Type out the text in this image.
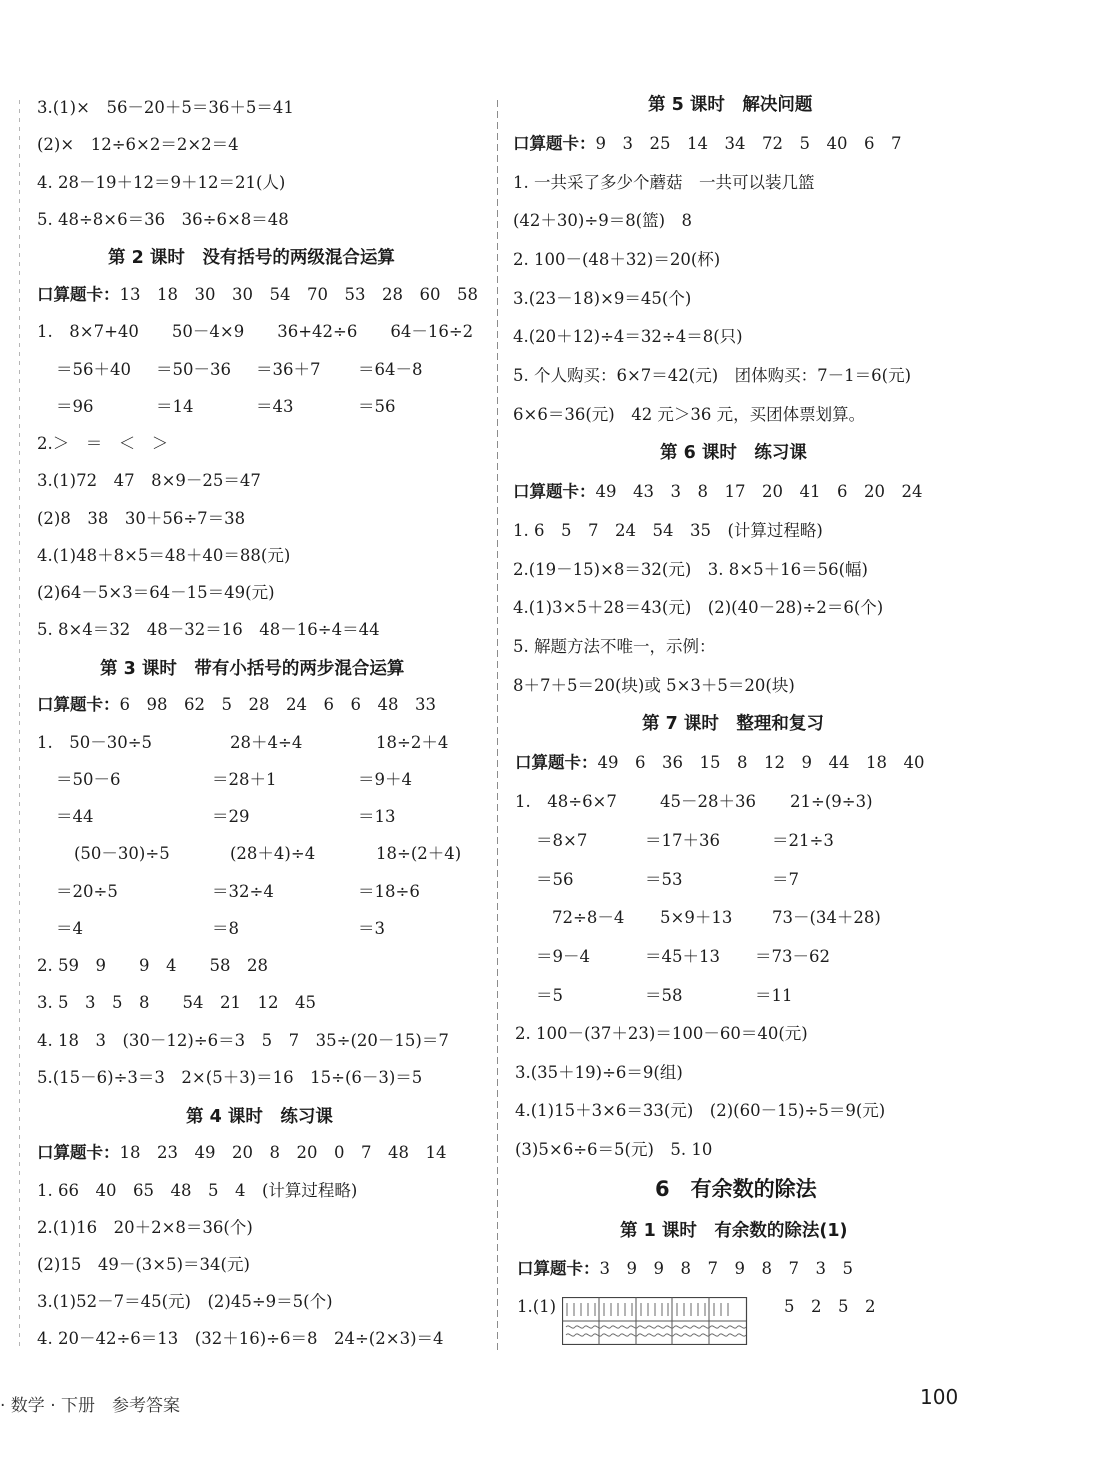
3.(1)×　56－20＋5＝36＋5＝41
(2)×　12÷6×2＝2×2＝4
4. 28－19＋12＝9＋12＝21(人)
5. 48÷8×6＝36　36÷6×8＝48
1.　8×7+40　　50－4×9　　36+42÷6　　64－16÷2
＝56＋40 ＝50－36 ＝36＋7 ＝64－8
＝96	＝14	＝43	＝56
2.＞　＝　＜　＞
3.(1)72　47　8×9－25＝47
(2)8　38　30＋56÷7＝38
4.(1)48＋8×5＝48＋40＝88(元)
(2)64－5×3＝64－15＝49(元)
5. 8×4＝32　48－32＝16　48－16÷4＝44
1.　50－30÷5	28＋4÷4	18÷2＋4
＝50－6	＝28＋1	＝9＋4
＝44	＝29	＝13
(50－30)÷5	(28＋4)÷4	18÷(2＋4)
＝20÷5	＝32÷4	＝18÷6
＝4	＝8	＝3
2. 59　9　　9　4　　58　28
3. 5　3　5　8　　54　21　12　45
4. 18　3　(30－12)÷6＝3　5　7　35÷(20－15)＝7
5.(15－6)÷3＝3　2×(5＋3)＝16　15÷(6－3)＝5
1. 66　40　65　48　5　4　(计算过程略)
2.(1)16　20＋2×8＝36(个)
(2)15　49－(3×5)＝34(元)
3.(1)52－7＝45(元)　(2)45÷9＝5(个)
4. 20－42÷6＝13　(32＋16)÷6＝8　24÷(2×3)＝4
第 2 课时　没有括号的两级混合运算
第 3 课时　带有小括号的两步混合运算
第 4 课时　练习课
口算题卡：13　18　30　30　54　70　53　28　60　58
口算题卡：6　98　62　5　28　24　6　6　48　33
口算题卡：18　23　49　20　8　20　0　7　48　14
1. 一共采了多少个蘑菇　一共可以装几篮
(42＋30)÷9＝8(篮)　8
2. 100－(48＋32)＝20(杯)
3.(23－18)×9＝45(个)
4.(20＋12)÷4＝32÷4＝8(只)
5. 个人购买：6×7＝42(元)　团体购买：7－1＝6(元)
6×6＝36(元)　42 元＞36 元，买团体票划算。
1. 6　5　7　24　54　35　(计算过程略)
2.(19－15)×8＝32(元)　3. 8×5＋16＝56(幅)
4.(1)3×5＋28＝43(元)　(2)(40－28)÷2＝6(个)
5. 解题方法不唯一，示例：
8＋7＋5＝20(块)或 5×3＋5＝20(块)
1.　48÷6×7	45－28＋36 21÷(9÷3)
＝8×7	＝17＋36	＝21÷3
＝56	＝53	＝7
72÷8－4 5×9＋13 73－(34＋28)
＝9－4	＝45＋13 ＝73－62
＝5	＝58	＝11
2. 100－(37＋23)＝100－60＝40(元)
3.(35＋19)÷6＝9(组)
4.(1)15＋3×6＝33(元)　(2)(60－15)÷5＝9(元)
(3)5×6÷6＝5(元)　5. 10
1.(1)	5　2　5　2
第 5 课时　解决问题
第 6 课时　练习课
第 7 课时　整理和复习
第 1 课时　有余数的除法(1)
口算题卡：9　3　25　14　34　72　5　40　6　7
口算题卡：49　43　3　8　17　20　41　6　20　24
口算题卡：49　6　36　15　8　12　9　44　18　40
口算题卡：3　9　9　8　7　9　8　7　3　5
6　有余数的除法
· 数学 · 下册　参考答案	100
